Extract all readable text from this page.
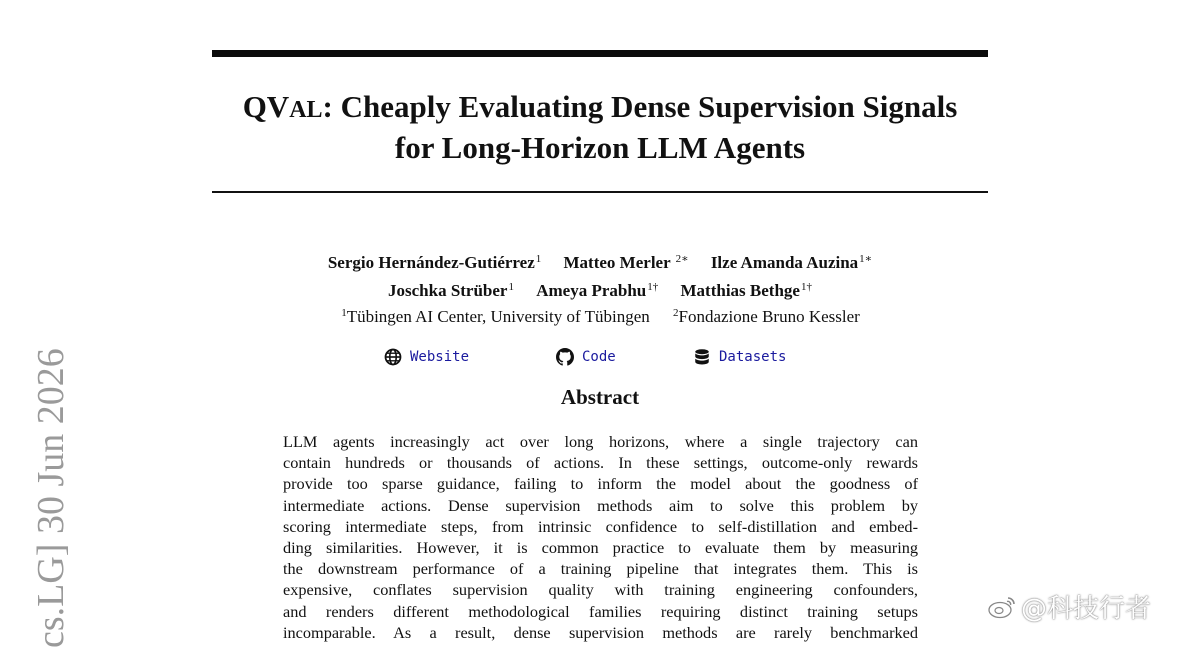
QVAL: Cheaply Evaluating Dense Supervision Signals
for Long-Horizon LLM Agents
Sergio Hernández-Gutiérrez$^1$ Matteo Merler $^{2∗}$ Ilze Amanda Auzina$^{1∗}$
Joschka Strüber$^1$ Ameya Prabhu$^{1\dagger}$ Matthias Bethge$^{1\dagger}$
$^1$Tübingen AI Center, University of Tübingen $^2$Fondazione Bruno Kessler
Website	Code	Datasets
Abstract
LLM agents increasingly act over long horizons, where a single trajectory can
contain hundreds or thousands of actions. In these settings, outcome-only rewards
provide too sparse guidance, failing to inform the model about the goodness of
intermediate actions. Dense supervision methods aim to solve this problem by
scoring intermediate steps, from intrinsic confidence to self-distillation and embed-
ding similarities. However, it is common practice to evaluate them by measuring
the downstream performance of a training pipeline that integrates them. This is
expensive, conflates supervision quality with training engineering confounders,
and renders different methodological families requiring distinct training setups
incomparable. As a result, dense supervision methods are rarely benchmarked
cs.LG] 30 Jun 2026	@科技行者
